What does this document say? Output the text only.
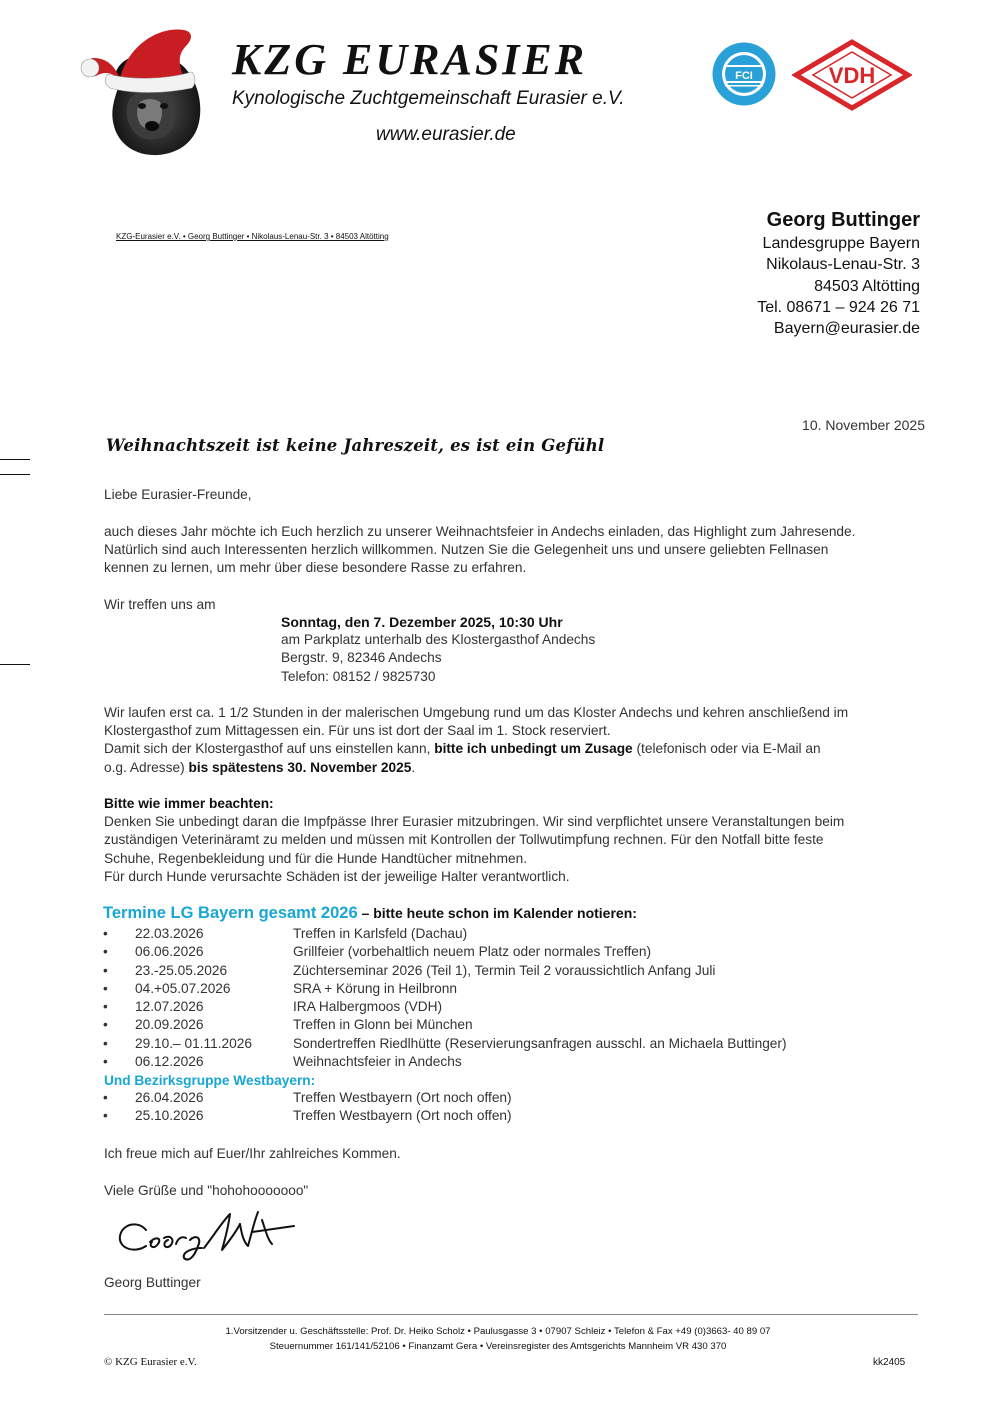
KZG EURASIER
Kynologische Zuchtgemeinschaft Eurasier e.V.
www.eurasier.de
FCI	VDH
KZG-Eurasier e.V. • Georg Buttinger • Nikolaus-Lenau-Str. 3 • 84503 Altötting
Georg Buttinger
Landesgruppe Bayern
Nikolaus-Lenau-Str. 3
84503 Altötting
Tel. 08671 – 924 26 71
Bayern@eurasier.de
10. November 2025
Weihnachtszeit ist keine Jahreszeit, es ist ein Gefühl
Liebe Eurasier-Freunde,
auch dieses Jahr möchte ich Euch herzlich zu unserer Weihnachtsfeier in Andechs einladen, das Highlight zum Jahresende.
Natürlich sind auch Interessenten herzlich willkommen. Nutzen Sie die Gelegenheit uns und unsere geliebten Fellnasen
kennen zu lernen, um mehr über diese besondere Rasse zu erfahren.
Wir treffen uns am
Sonntag, den 7. Dezember 2025, 10:30 Uhr
am Parkplatz unterhalb des Klostergasthof Andechs
Bergstr. 9, 82346 Andechs
Telefon: 08152 / 9825730
Wir laufen erst ca. 1 1/2 Stunden in der malerischen Umgebung rund um das Kloster Andechs und kehren anschließend im
Klostergasthof zum Mittagessen ein. Für uns ist dort der Saal im 1. Stock reserviert.
Damit sich der Klostergasthof auf uns einstellen kann, bitte ich unbedingt um Zusage (telefonisch oder via E-Mail an
o.g. Adresse) bis spätestens 30. November 2025.
Bitte wie immer beachten:
Denken Sie unbedingt daran die Impfpässe Ihrer Eurasier mitzubringen. Wir sind verpflichtet unsere Veranstaltungen beim
zuständigen Veterinäramt zu melden und müssen mit Kontrollen der Tollwutimpfung rechnen. Für den Notfall bitte feste
Schuhe, Regenbekleidung und für die Hunde Handtücher mitnehmen.
Für durch Hunde verursachte Schäden ist der jeweilige Halter verantwortlich.
Termine LG Bayern gesamt 2026 – bitte heute schon im Kalender notieren:
• 22.03.2026	Treffen in Karlsfeld (Dachau)
• 06.06.2026	Grillfeier (vorbehaltlich neuem Platz oder normales Treffen)
• 23.-25.05.2026	Züchterseminar 2026 (Teil 1), Termin Teil 2 voraussichtlich Anfang Juli
• 04.+05.07.2026	SRA + Körung in Heilbronn
• 12.07.2026	IRA Halbergmoos (VDH)
• 20.09.2026	Treffen in Glonn bei München
• 29.10.– 01.11.2026	Sondertreffen Riedlhütte (Reservierungsanfragen ausschl. an Michaela Buttinger)
• 06.12.2026	Weihnachtsfeier in Andechs
Und Bezirksgruppe Westbayern:
• 26.04.2026	Treffen Westbayern (Ort noch offen)
• 25.10.2026	Treffen Westbayern (Ort noch offen)
Ich freue mich auf Euer/Ihr zahlreiches Kommen.
Viele Grüße und "hohohooooooo"
Georg Buttinger
1.Vorsitzender u. Geschäftsstelle: Prof. Dr. Heiko Scholz • Paulusgasse 3 • 07907 Schleiz • Telefon & Fax +49 (0)3663- 40 89 07
Steuernummer 161/141/52106 • Finanzamt Gera • Vereinsregister des Amtsgerichts Mannheim VR 430 370
© KZG Eurasier e.V.	kk2405
